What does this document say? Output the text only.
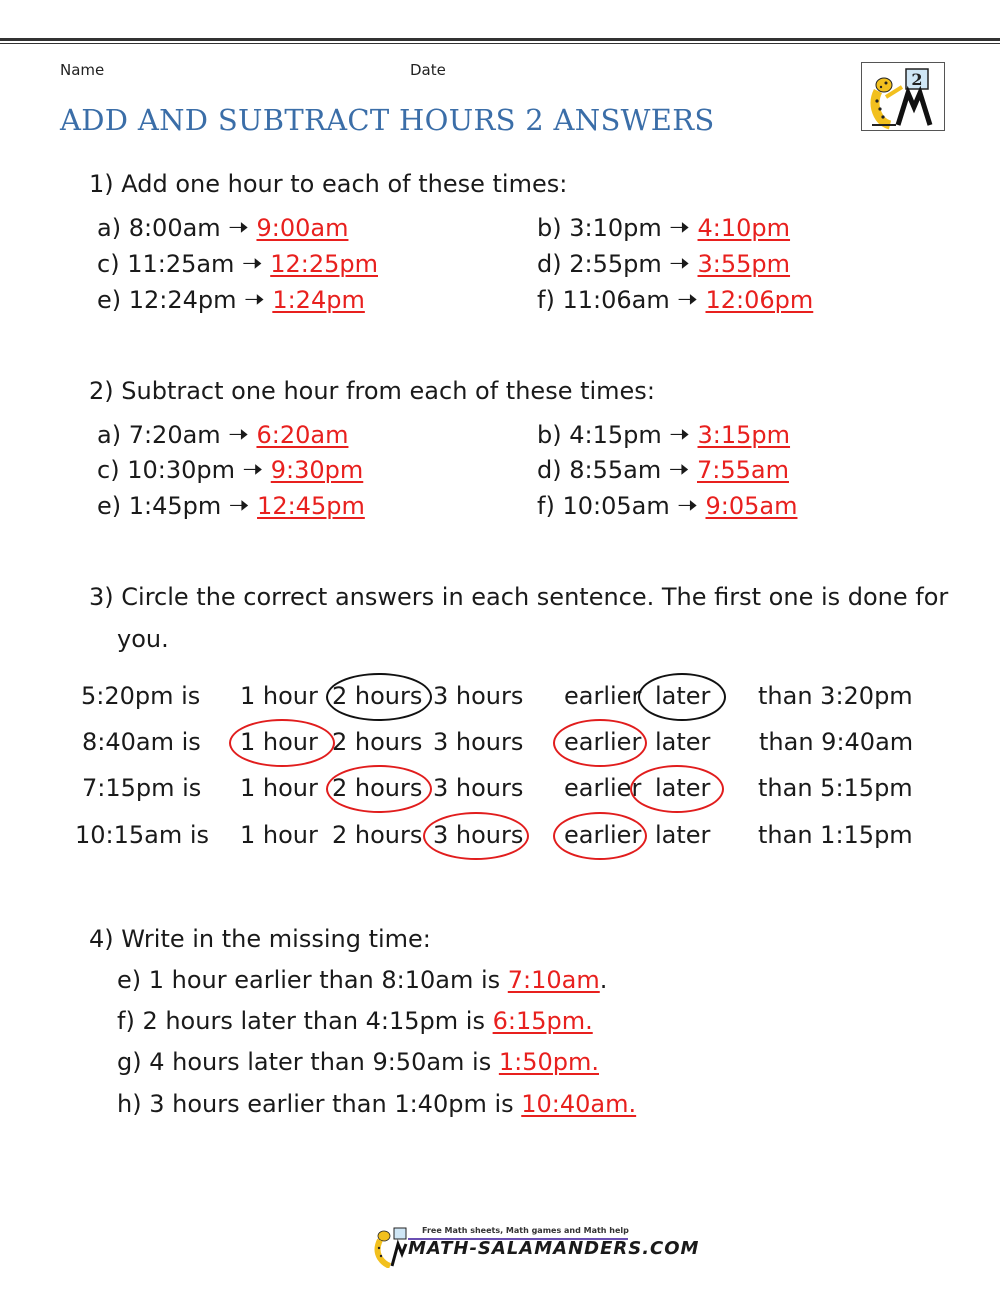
Name	Date	2
ADD AND SUBTRACT HOURS 2 ANSWERS
1) Add one hour to each of these times:
a) 8:00am 🠢 9:00am	b) 3:10pm 🠢 4:10pm
c) 11:25am 🠢 12:25pm	d) 2:55pm 🠢 3:55pm
e) 12:24pm 🠢 1:24pm	f) 11:06am 🠢 12:06pm
2) Subtract one hour from each of these times:
a) 7:20am 🠢 6:20am	b) 4:15pm 🠢 3:15pm
c) 10:30pm 🠢 9:30pm	d) 8:55am 🠢 7:55am
e) 1:45pm 🠢 12:45pm	f) 10:05am 🠢 9:05am
3) Circle the correct answers in each sentence. The first one is done for
you.
5:20pm is 1 hour 2 hours 3 hours earlier later than 3:20pm
8:40am is 1 hour 2 hours 3 hours earlier later than 9:40am
7:15pm is 1 hour 2 hours 3 hours earlier later than 5:15pm
10:15am is 1 hour 2 hours 3 hours earlier later than 1:15pm
4) Write in the missing time:
e) 1 hour earlier than 8:10am is 7:10am.
f) 2 hours later than 4:15pm is 6:15pm.
g) 4 hours later than 9:50am is 1:50pm.
h) 3 hours earlier than 1:40pm is 10:40am.
Free Math sheets, Math games and Math help
MATH-SALAMANDERS.COM
